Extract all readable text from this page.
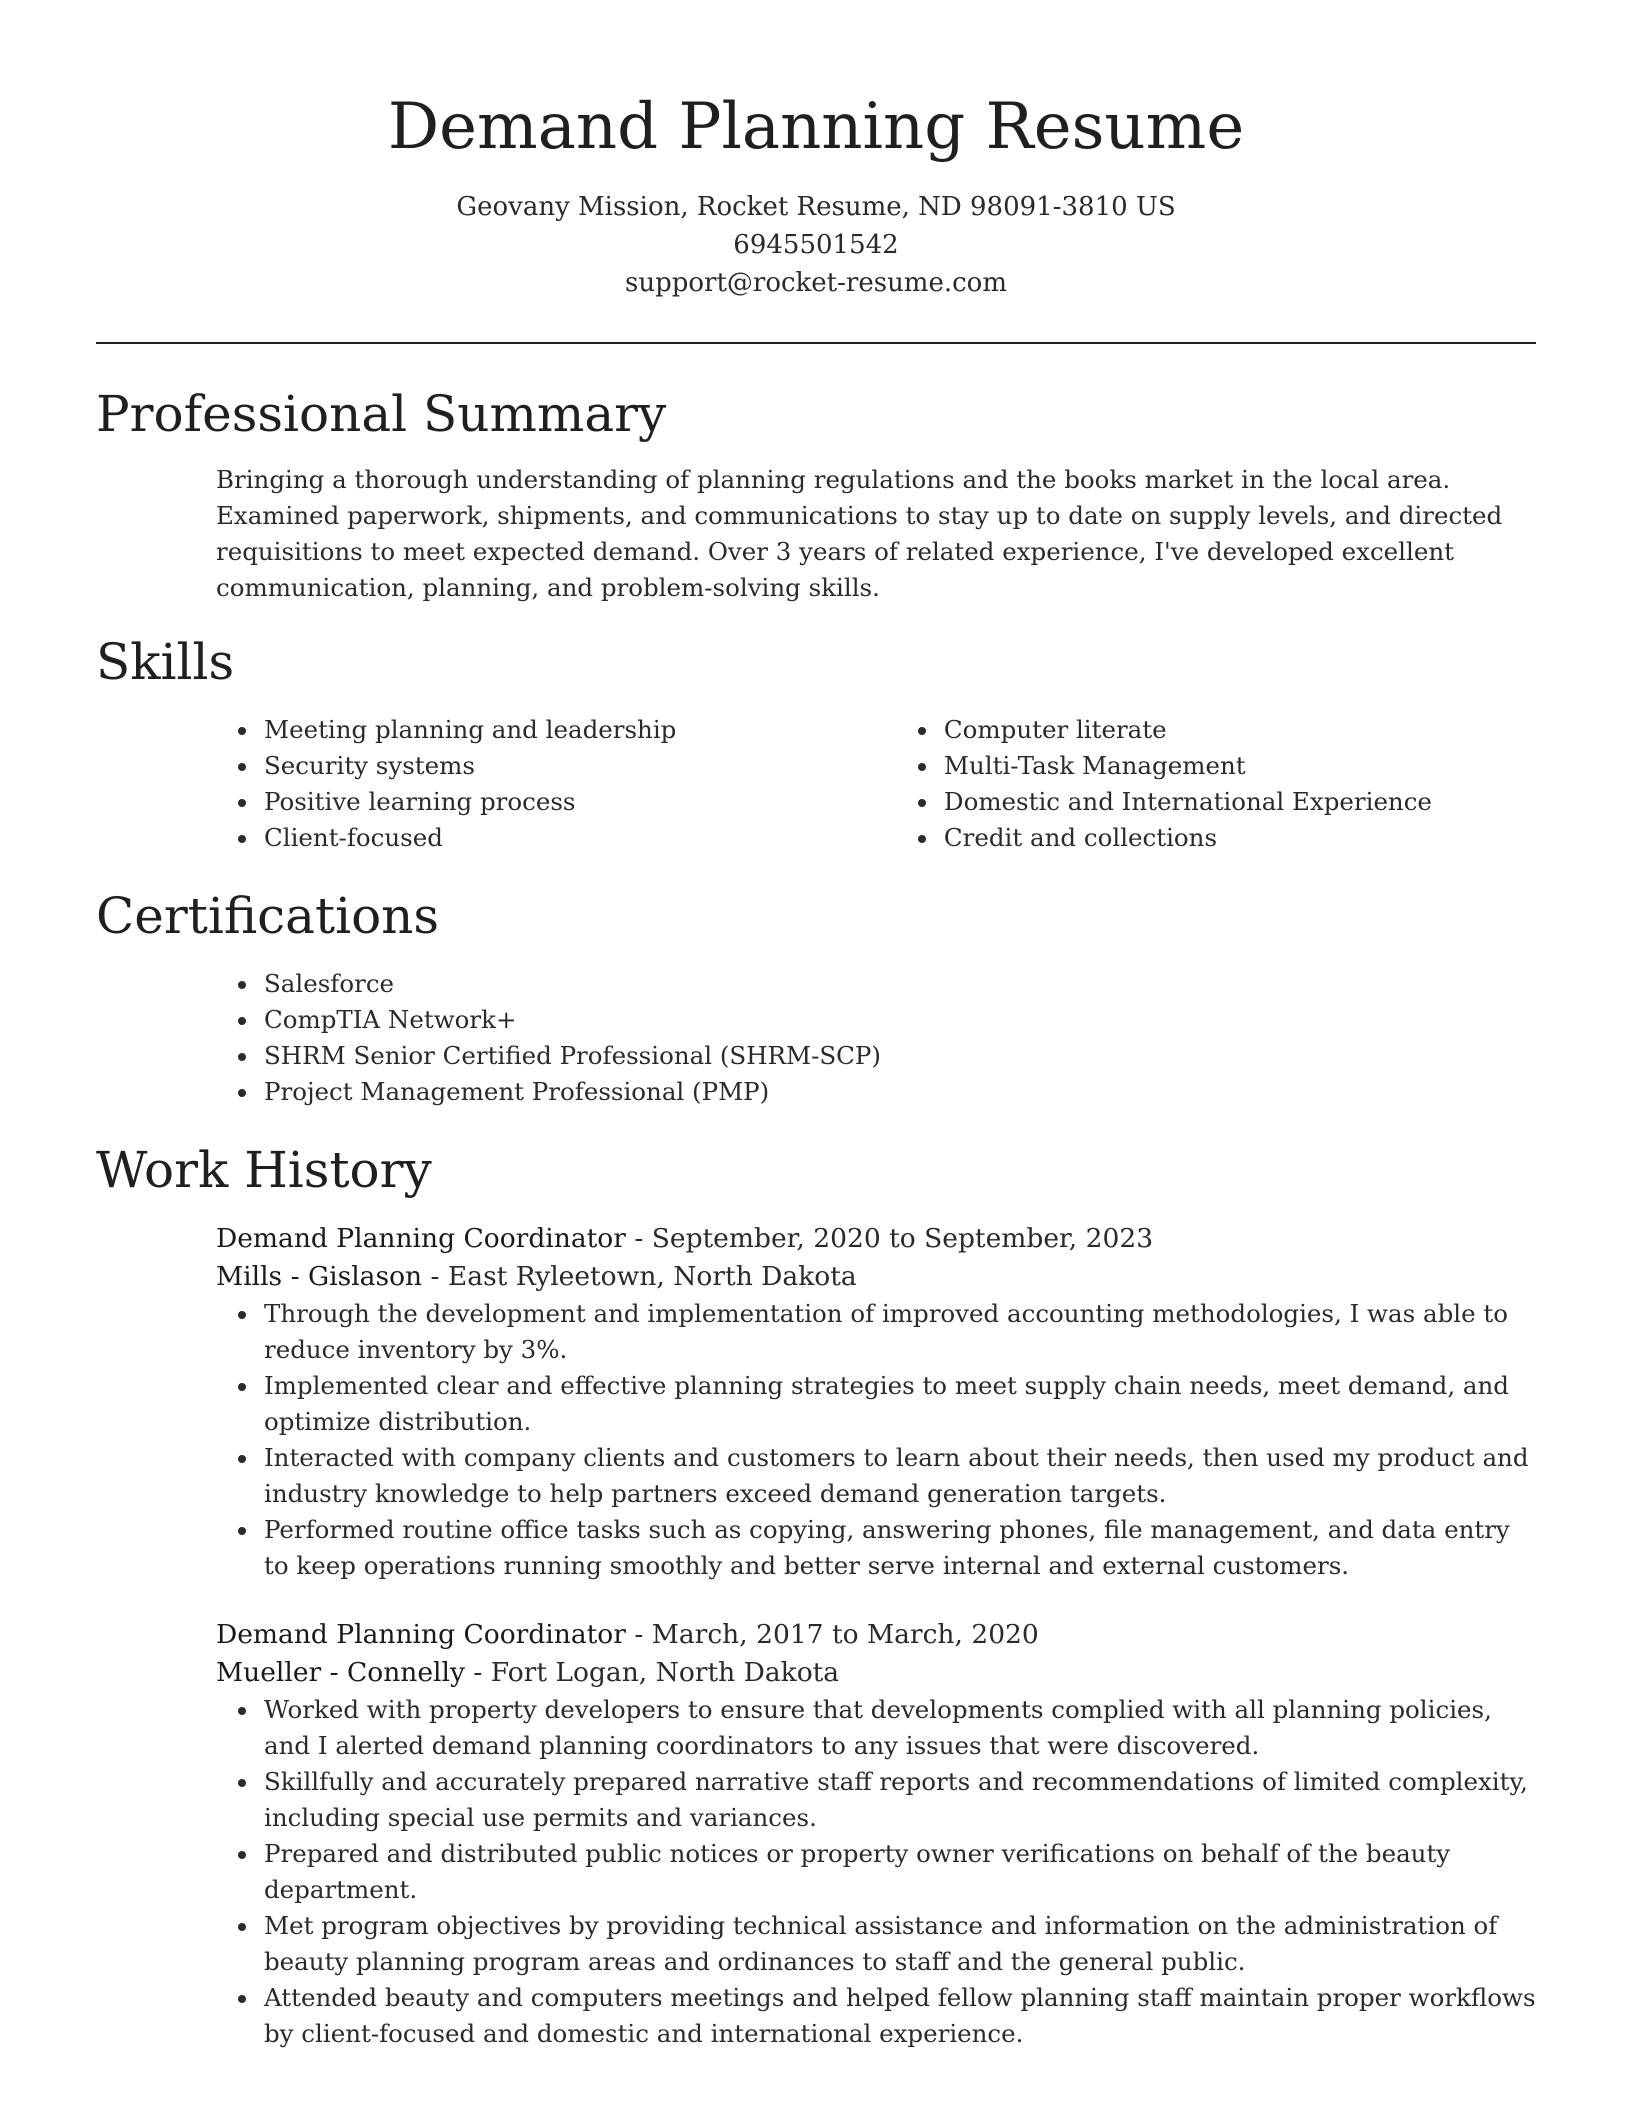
Demand Planning Resume
Geovany Mission, Rocket Resume, ND 98091-3810 US
6945501542
support@rocket-resume.com
Professional Summary

Bringing a thorough understanding of planning regulations and the books market in the local area. Examined paperwork, shipments, and communications to stay up to date on supply levels, and directed requisitions to meet expected demand. Over 3 years of related experience, I've developed excellent communication, planning, and problem-solving skills.

Skills
• Meeting planning and leadership
• Security systems
• Positive learning process
• Client-focused
• Computer literate
• Multi-Task Management
• Domestic and International Experience
• Credit and collections
Certifications
• Salesforce
• CompTIA Network+
• SHRM Senior Certified Professional (SHRM-SCP)
• Project Management Professional (PMP)
Work History
Demand Planning Coordinator - September, 2020 to September, 2023
Mills - Gislason - East Ryleetown, North Dakota
• Through the development and implementation of improved accounting methodologies, I was able to reduce inventory by 3%.
• Implemented clear and effective planning strategies to meet supply chain needs, meet demand, and optimize distribution.
• Interacted with company clients and customers to learn about their needs, then used my product and industry knowledge to help partners exceed demand generation targets.
• Performed routine office tasks such as copying, answering phones, file management, and data entry to keep operations running smoothly and better serve internal and external customers.
Demand Planning Coordinator - March, 2017 to March, 2020
Mueller - Connelly - Fort Logan, North Dakota
• Worked with property developers to ensure that developments complied with all planning policies, and I alerted demand planning coordinators to any issues that were discovered.
• Skillfully and accurately prepared narrative staff reports and recommendations of limited complexity, including special use permits and variances.
• Prepared and distributed public notices or property owner verifications on behalf of the beauty department.
• Met program objectives by providing technical assistance and information on the administration of beauty planning program areas and ordinances to staff and the general public.
• Attended beauty and computers meetings and helped fellow planning staff maintain proper workflows by client-focused and domestic and international experience.
